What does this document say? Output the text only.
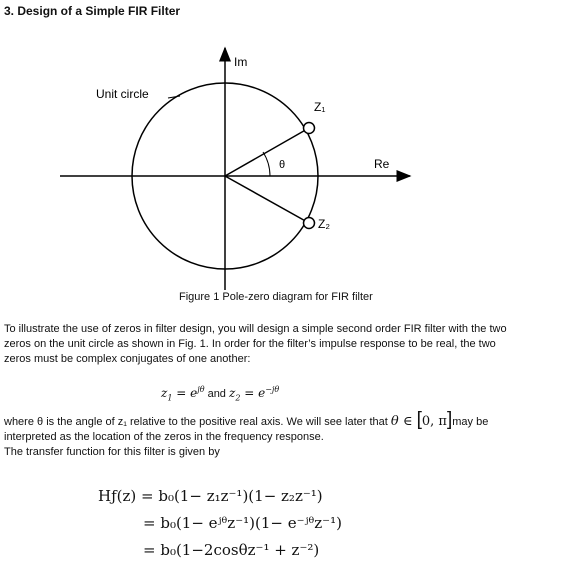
3. Design of a Simple FIR Filter
Im
Re
Unit circle
Z₁
Z₂
θ
Figure 1 Pole-zero diagram for FIR filter
To illustrate the use of zeros in filter design, you will design a simple second order FIR filter with the two
zeros on the unit circle as shown in Fig. 1. In order for the filter’s impulse response to be real, the two
zeros must be complex conjugates of one another:
$z_1 = e^{j\theta}$ and $z_2 = e^{-j\theta}$
where θ is the angle of z₁ relative to the positive real axis. We will see later that θ ∈ [0, π]may be
interpreted as the location of the zeros in the frequency response.
The transfer function for this filter is given by
Hƒ(z) = b₀(1− z₁z⁻¹)(1− z₂z⁻¹)
= b₀(1− eʲᶿz⁻¹)(1− e⁻ʲᶿz⁻¹)
= b₀(1−2cosθz⁻¹ + z⁻²)
